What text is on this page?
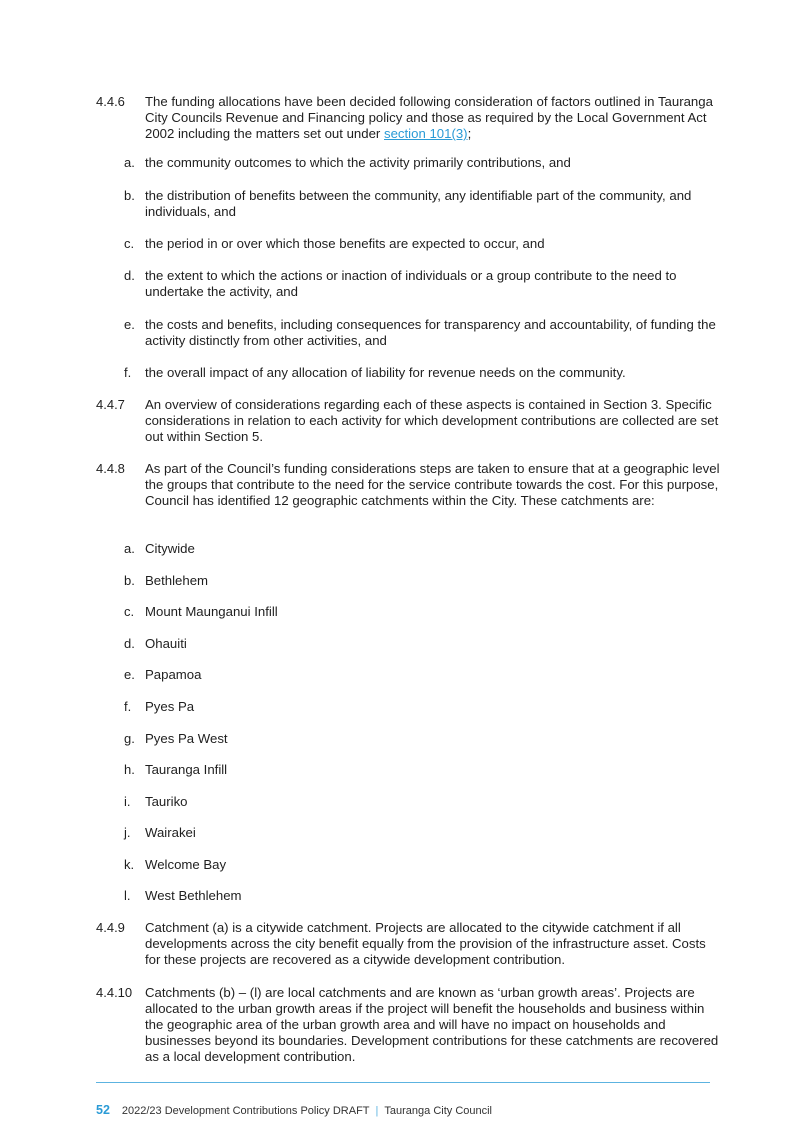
4.4.6 The funding allocations have been decided following consideration of factors outlined in Tauranga City Councils Revenue and Financing policy and those as required by the Local Government Act 2002 including the matters set out under section 101(3);
a. the community outcomes to which the activity primarily contributions, and
b. the distribution of benefits between the community, any identifiable part of the community, and individuals, and
c. the period in or over which those benefits are expected to occur, and
d. the extent to which the actions or inaction of individuals or a group contribute to the need to undertake the activity, and
e. the costs and benefits, including consequences for transparency and accountability, of funding the activity distinctly from other activities, and
f. the overall impact of any allocation of liability for revenue needs on the community.
4.4.7 An overview of considerations regarding each of these aspects is contained in Section 3. Specific considerations in relation to each activity for which development contributions are collected are set out within Section 5.
4.4.8 As part of the Council’s funding considerations steps are taken to ensure that at a geographic level the groups that contribute to the need for the service contribute towards the cost. For this purpose, Council has identified 12 geographic catchments within the City. These catchments are:
a. Citywide
b. Bethlehem
c. Mount Maunganui Infill
d. Ohauiti
e. Papamoa
f. Pyes Pa
g. Pyes Pa West
h. Tauranga Infill
i. Tauriko
j. Wairakei
k. Welcome Bay
l. West Bethlehem
4.4.9 Catchment (a) is a citywide catchment. Projects are allocated to the citywide catchment if all developments across the city benefit equally from the provision of the infrastructure asset. Costs for these projects are recovered as a citywide development contribution.
4.4.10 Catchments (b) – (l) are local catchments and are known as ‘urban growth areas’. Projects are allocated to the urban growth areas if the project will benefit the households and business within the geographic area of the urban growth area and will have no impact on households and businesses beyond its boundaries. Development contributions for these catchments are recovered as a local development contribution.
52 2022/23 Development Contributions Policy DRAFT | Tauranga City Council
